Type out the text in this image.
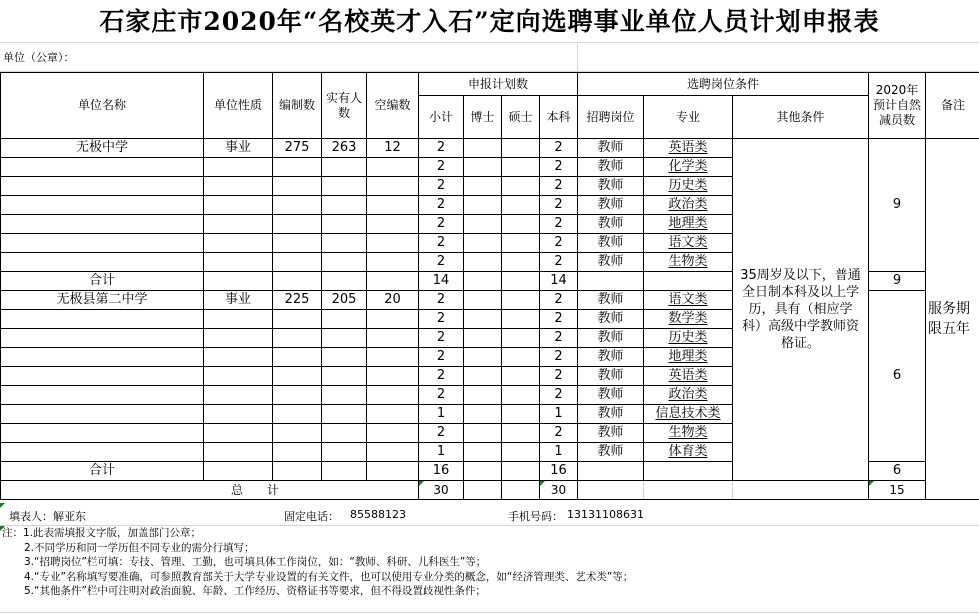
石家庄市2020年“名校英才入石”定向选聘事业单位人员计划申报表
单位（公章）：
单位名称	单位性质	编制数	实有人数	空编数	申报计划数				选聘岗位条件			2020年预计自然减员数	备注
					小计	博士	硕士	本科	招聘岗位	专业	其他条件		
无极中学	事业	275	263	12	2			2	教师	英语类	35周岁及以下，普通全日制本科及以上学历，具有（相应学科）高级中学教师资格证。	9	服务期限五年
					2			2	教师	化学类			
					2			2	教师	历史类			
					2			2	教师	政治类			
					2			2	教师	地理类			
					2			2	教师	语文类			
					2			2	教师	生物类			
合计					14			14				9	
无极县第二中学	事业	225	205	20	2			2	教师	语文类		6	
					2			2	教师	数学类			
					2			2	教师	历史类			
					2			2	教师	地理类			
					2			2	教师	英语类			
					2			2	教师	政治类			
					1			1	教师	信息技术类			
					2			2	教师	生物类			
					1			1	教师	体育类			
合计					16			16				6	
总　　计					30			30				15	
填表人：解亚东	固定电话： 85588123	手机号码： 13131108631
注：1.此表需填报文字版，加盖部门公章；
2.不同学历和同一学历但不同专业的需分行填写；
3.“招聘岗位”栏可填：专技、管理、工勤，也可填具体工作岗位，如：“教师、科研、儿科医生”等；
4.“专业”名称填写要准确，可参照教育部关于大学专业设置的有关文件，也可以使用专业分类的概念，如“经济管理类、艺术类”等；
5.“其他条件”栏中可注明对政治面貌、年龄、工作经历、资格证书等要求，但不得设置歧视性条件；
